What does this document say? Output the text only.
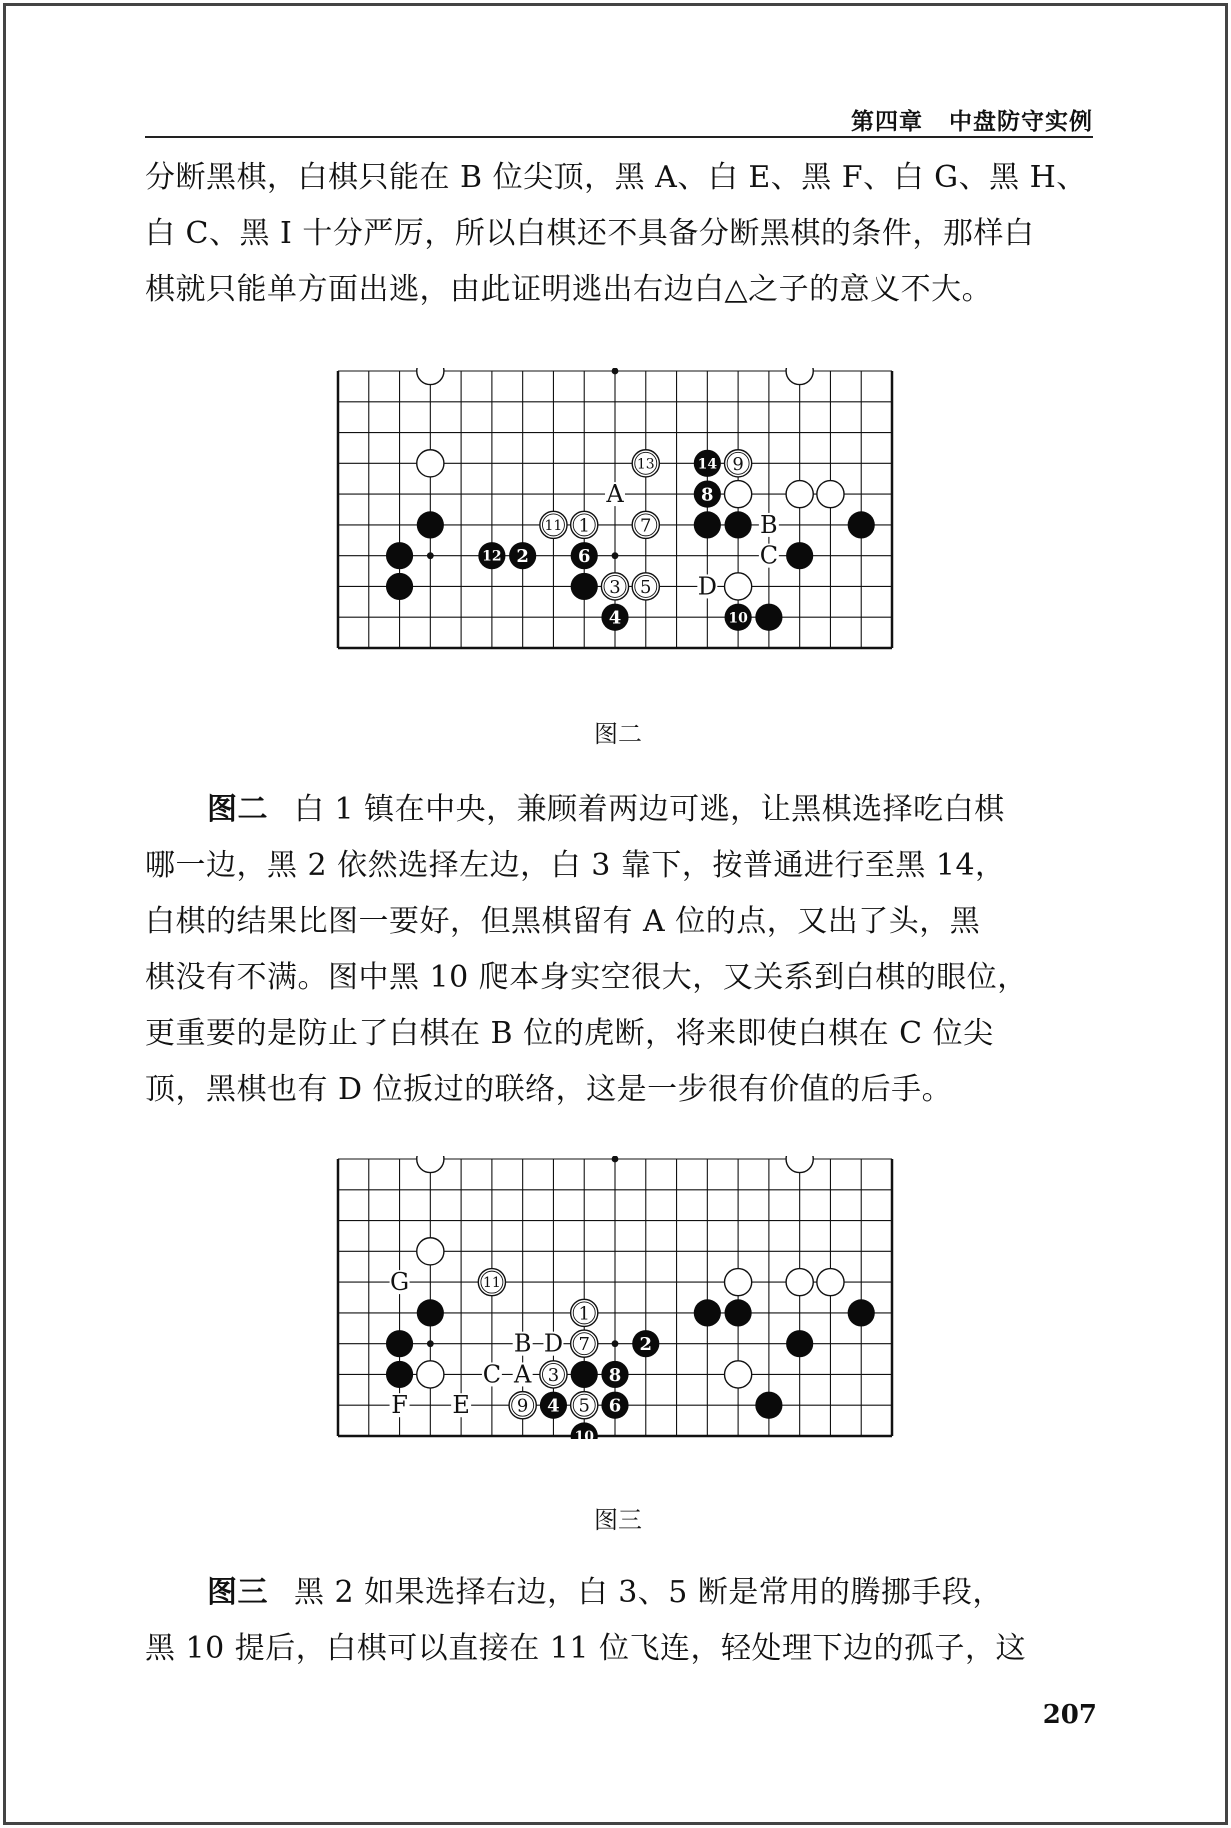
第四章 中盘防守实例
分断黑棋，白棋只能在 B 位尖顶，黑 A、白 E、黑 F、白 G、黑 H、
白 C、黑 I 十分严厉，所以白棋还不具备分断黑棋的条件，那样白
棋就只能单方面出逃，由此证明逃出右边白△之子的意义不大。
A
B
C
D
1
3 5
7
9
11
13
2
4
6
8
10
12
14
图二
图二 白 1 镇在中央，兼顾着两边可逃，让黑棋选择吃白棋
哪一边，黑 2 依然选择左边，白 3 靠下，按普通进行至黑 14，
白棋的结果比图一要好，但黑棋留有 A 位的点，又出了头，黑
棋没有不满。图中黑 10 爬本身实空很大，又关系到白棋的眼位，
更重要的是防止了白棋在 B 位的虎断，将来即使白棋在 C 位尖
顶，黑棋也有 D 位扳过的联络，这是一步很有价值的后手。
G
B D
C A
F E
1
3
5
7
9
11
2
4	6
8
10
图三
图三 黑 2 如果选择右边，白 3、5 断是常用的腾挪手段，
黑 10 提后，白棋可以直接在 11 位飞连，轻处理下边的孤子，这
207
